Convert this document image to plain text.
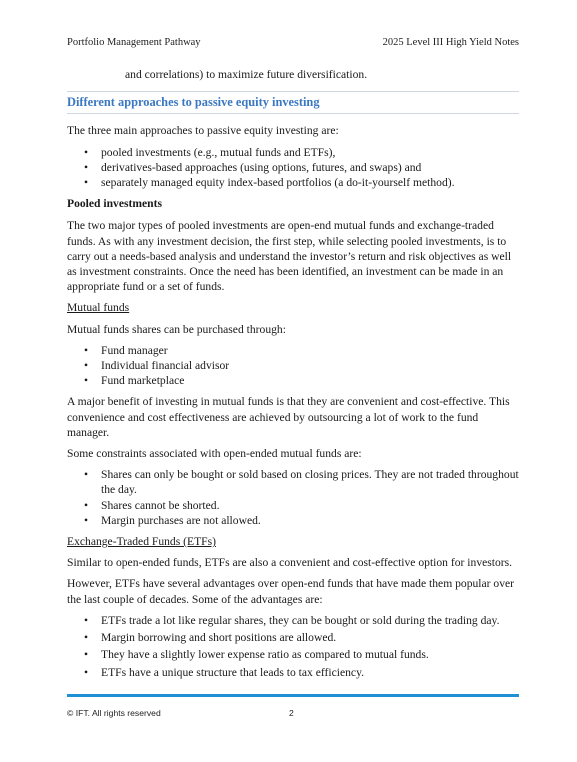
Portfolio Management Pathway	2025 Level III High Yield Notes
and correlations) to maximize future diversification.
Different approaches to passive equity investing

The three main approaches to passive equity investing are:

• pooled investments (e.g., mutual funds and ETFs),
• derivatives-based approaches (using options, futures, and swaps) and
• separately managed equity index-based portfolios (a do-it-yourself method).
Pooled investments

The two major types of pooled investments are open-end mutual funds and exchange-traded funds. As with any investment decision, the first step, while selecting pooled investments, is to carry out a needs-based analysis and understand the investor’s return and risk objectives as well as investment constraints. Once the need has been identified, an investment can be made in an appropriate fund or a set of funds.

Mutual funds

Mutual funds shares can be purchased through:

• Fund manager
• Individual financial advisor
• Fund marketplace

A major benefit of investing in mutual funds is that they are convenient and cost-effective. This convenience and cost effectiveness are achieved by outsourcing a lot of work to the fund manager.

Some constraints associated with open-ended mutual funds are:

• Shares can only be bought or sold based on closing prices. They are not traded throughout the day.
• Shares cannot be shorted.
• Margin purchases are not allowed.
Exchange-Traded Funds (ETFs)

Similar to open-ended funds, ETFs are also a convenient and cost-effective option for investors.

However, ETFs have several advantages over open-end funds that have made them popular over the last couple of decades. Some of the advantages are:

• ETFs trade a lot like regular shares, they can be bought or sold during the trading day.
• Margin borrowing and short positions are allowed.
• They have a slightly lower expense ratio as compared to mutual funds.
• ETFs have a unique structure that leads to tax efficiency.
© IFT. All rights reserved	2
